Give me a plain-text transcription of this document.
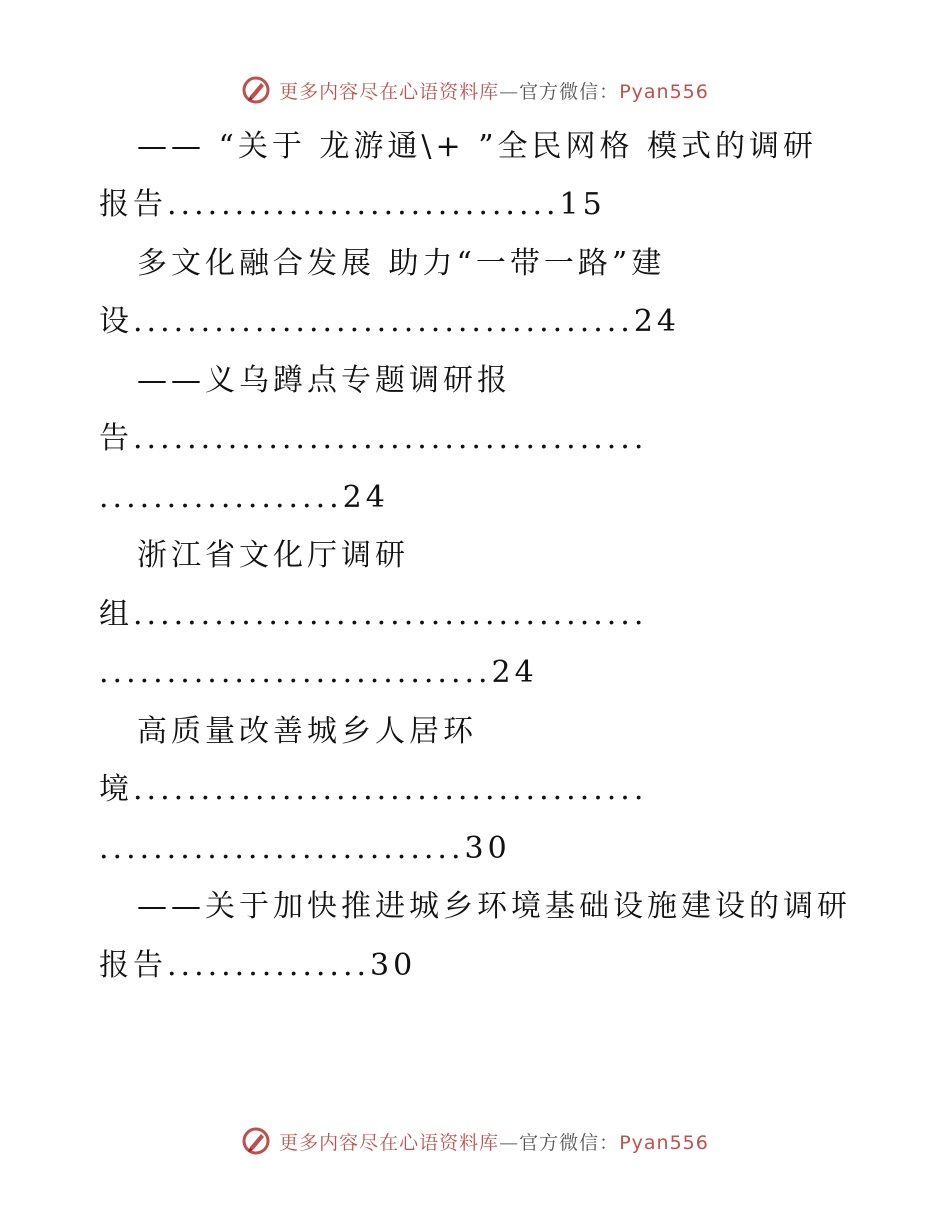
更多内容尽在心语资料库—官方微信：Pyan556
—— “关于 龙游通\+ ”全民网格 模式的调研
报告.............................15
多文化融合发展 助力“一带一路”建
设.....................................24
——义乌蹲点专题调研报
告......................................
..................24
浙江省文化厅调研
组......................................
.............................24
高质量改善城乡人居环
境......................................
...........................30
——关于加快推进城乡环境基础设施建设的调研
报告...............30
更多内容尽在心语资料库—官方微信：Pyan556
